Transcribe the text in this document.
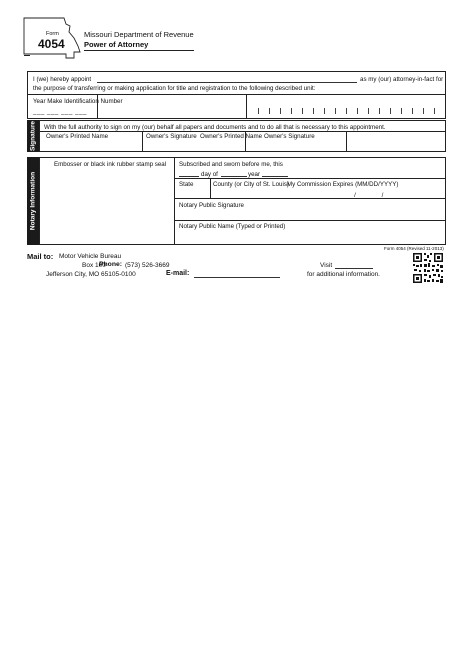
Form
4054
Missouri Department of Revenue
Power of Attorney
I (we) hereby appoint	as my (our) attorney-in-fact for
the purpose of transferring or making application for title and registration to the following described unit:
Year Make Identification Number
___ ___ ___ ___
Signature With the full authority to sign on my (our) behalf all papers and documents and to do all that is necessary to this appointment.
Owner's Printed Name	Owner's Signature Owner's Printed Name Owner's Signature
Notary Information
Embosser or black ink rubber stamp seal Subscribed and sworn before me, this
day of	year
State	County (or City of St. Louis)
My Commission Expires (MM/DD/YYYY)
___ ___ / ___ ___ / ___ ___ ___ ___
Notary Public Signature
Notary Public Name (Typed or Printed)
Form 4054 (Revised 11-2013)
Mail to: Motor Vehicle Bureau
Box 100
Phone: (573) 526-3669
Jefferson City, MO 65105-0100	E-mail:
Visit
for additional information.
